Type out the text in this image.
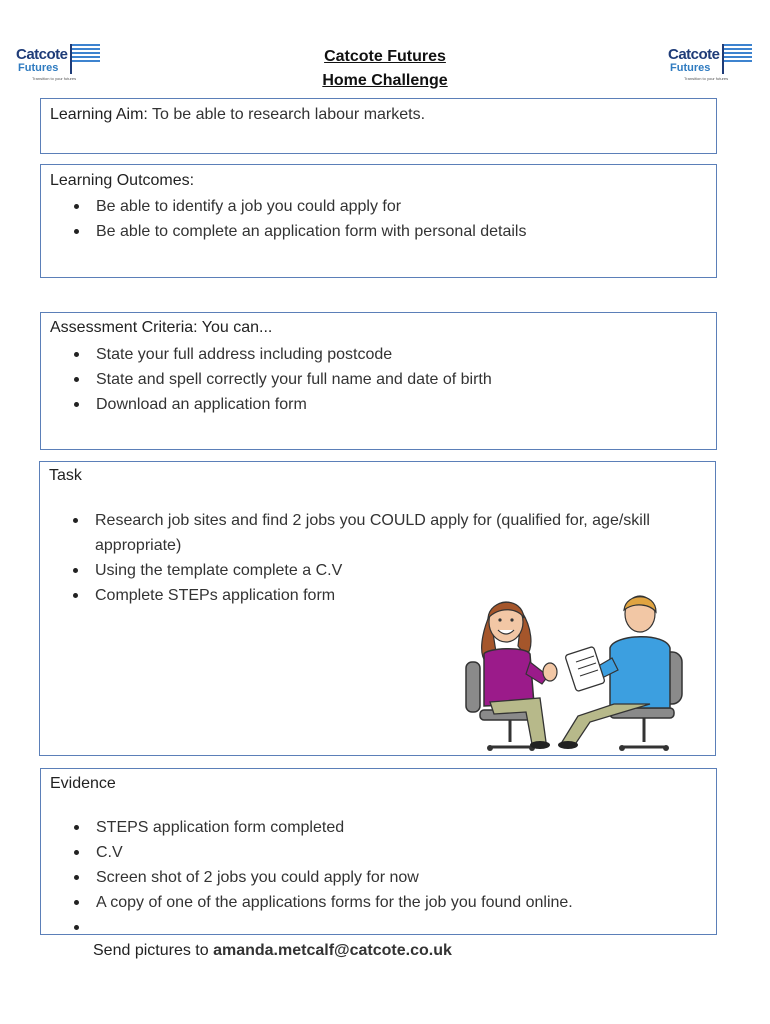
Catcote
Futures
Transition to your futures
Catcote
Futures
Transition to your futures
Catcote Futures
Home Challenge
Learning Aim: To be able to research labour markets.
Learning Outcomes:
Be able to identify a job you could apply for
Be able to complete an application form with personal details
Assessment Criteria: You can...
State your full address including postcode
State and spell correctly your full name and date of birth
Download an application form
Task
Research job sites and find 2 jobs you COULD apply for (qualified for, age/skill appropriate)
Using the template complete a C.V
Complete STEPs application form
Evidence
STEPS application form completed
C.V
Screen shot of 2 jobs you could apply for now
A copy of one of the applications forms for the job you found online.
Send pictures to amanda.metcalf@catcote.co.uk
